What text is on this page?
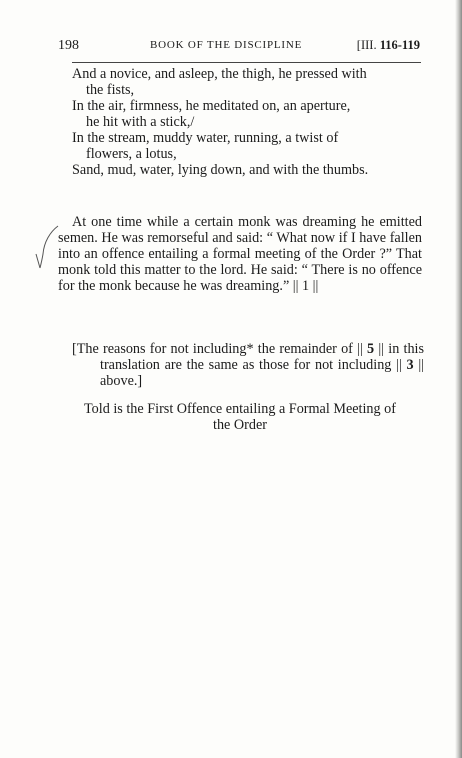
198	BOOK OF THE DISCIPLINE	[III. 116-119

And a novice, and asleep, the thigh, he pressed with

the fists,

In the air, firmness, he meditated on, an aperture,

he hit with a stick,/

In the stream, muddy water, running, a twist of

flowers, a lotus,

Sand, mud, water, lying down, and with the thumbs.

At one time while a certain monk was dreaming he emitted semen. He was remorseful and said: “ What now if I have fallen into an offence entailing a formal meeting of the Order ?” That monk told this matter to the lord. He said: “ There is no offence for the monk because he was dreaming.” || 1 ||

[The reasons for not including* the remainder of || 5 || in this translation are the same as those for not including || 3 || above.]

Told is the First Offence entailing a Formal Meeting of

the Order
